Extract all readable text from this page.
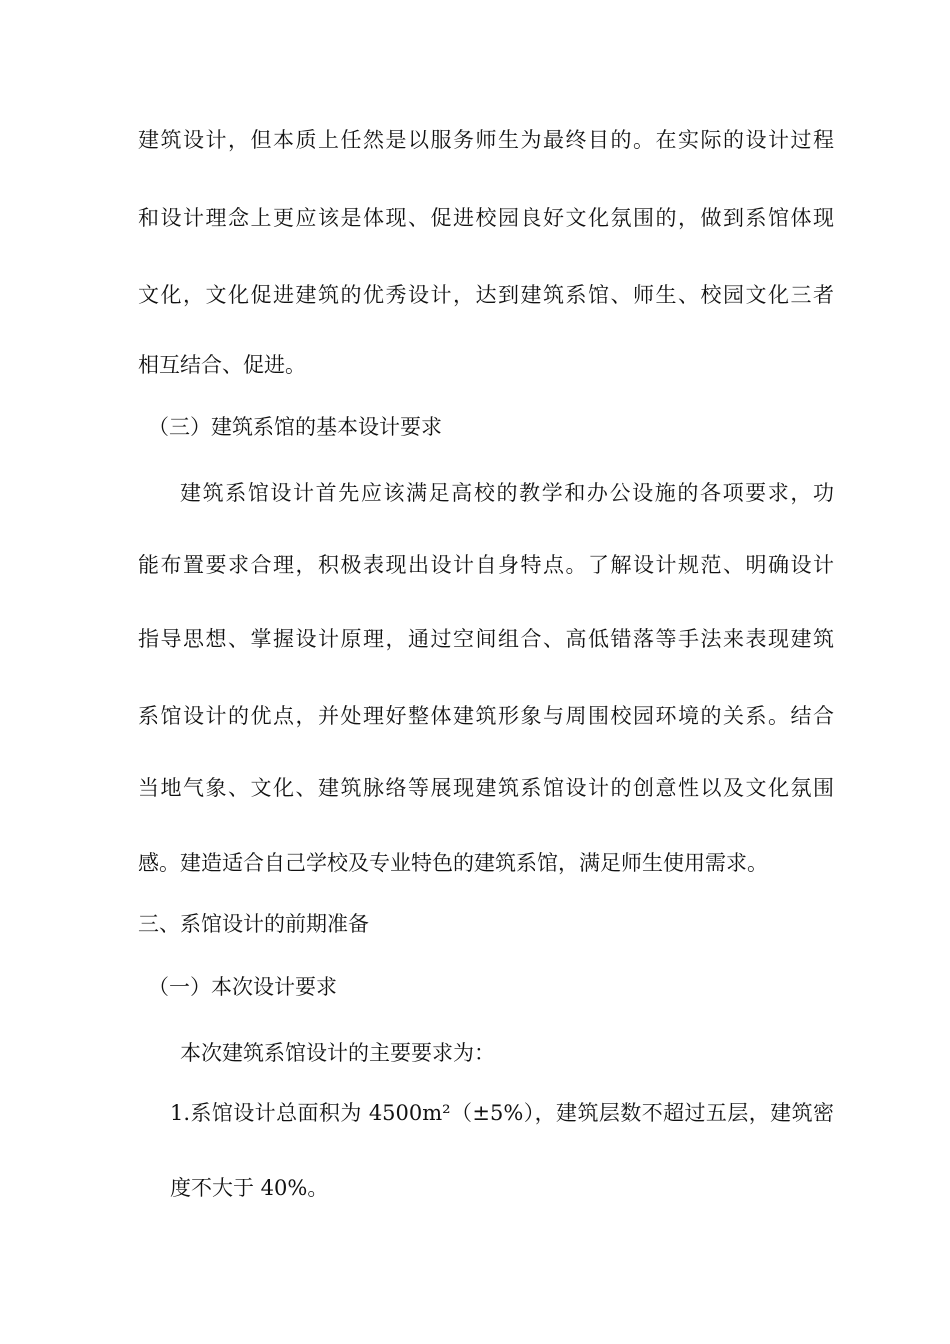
建筑设计，但本质上任然是以服务师生为最终目的。在实际的设计过程
和设计理念上更应该是体现、促进校园良好文化氛围的，做到系馆体现
文化，文化促进建筑的优秀设计，达到建筑系馆、师生、校园文化三者
相互结合、促进。
（三）建筑系馆的基本设计要求
建筑系馆设计首先应该满足高校的教学和办公设施的各项要求，功
能布置要求合理，积极表现出设计自身特点。了解设计规范、明确设计
指导思想、掌握设计原理，通过空间组合、高低错落等手法来表现建筑
系馆设计的优点，并处理好整体建筑形象与周围校园环境的关系。结合
当地气象、文化、建筑脉络等展现建筑系馆设计的创意性以及文化氛围
感。建造适合自己学校及专业特色的建筑系馆，满足师生使用需求。
三、系馆设计的前期准备
（一）本次设计要求
本次建筑系馆设计的主要要求为：
1.系馆设计总面积为 4500m²（±5%），建筑层数不超过五层，建筑密
度不大于 40%。
